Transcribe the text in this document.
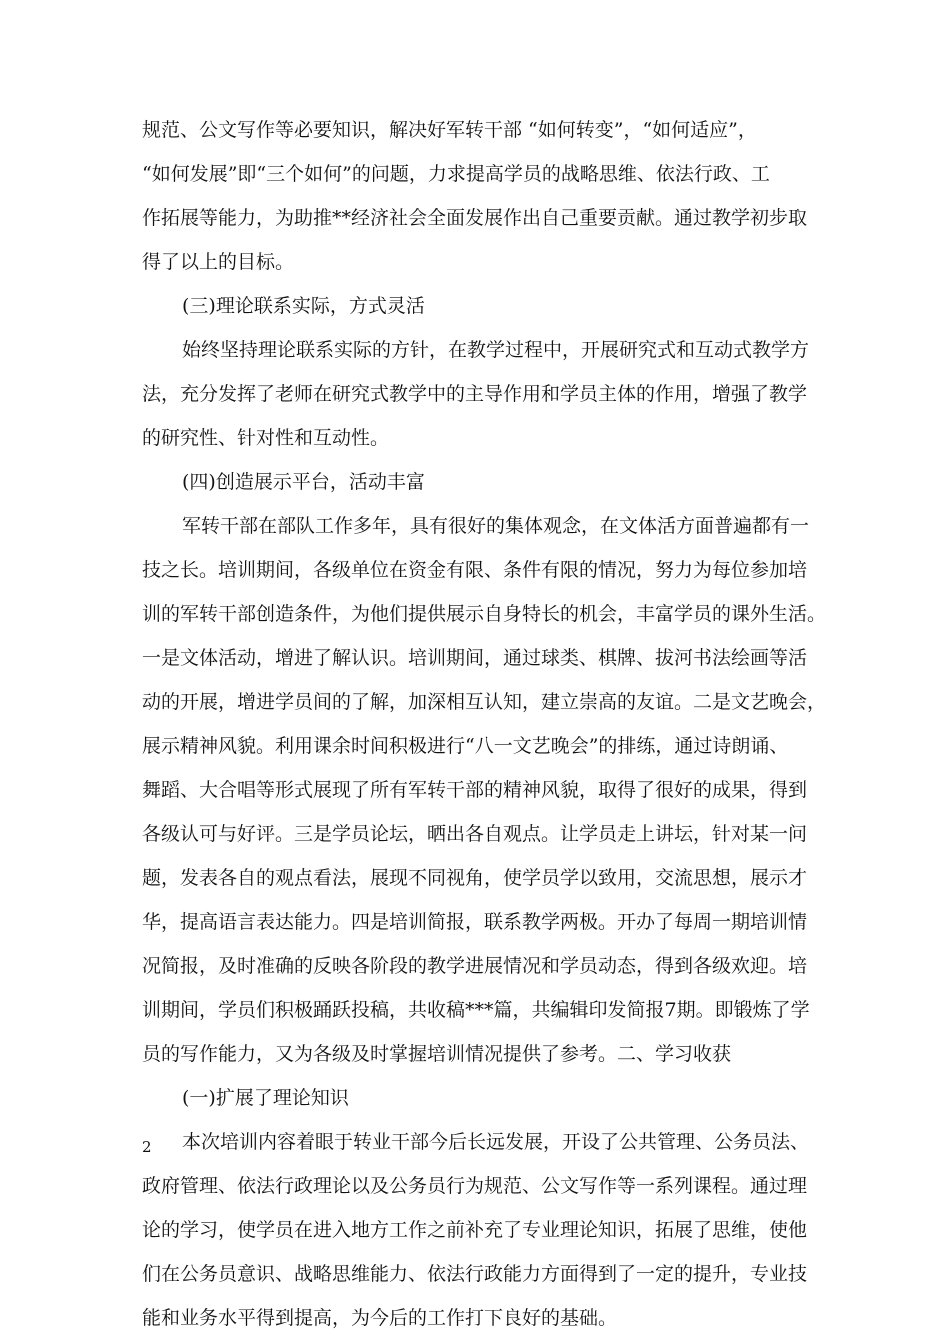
规范、公文写作等必要知识，解决好军转干部 “如何转变”，“如何适应”，
“如何发展”即“三个如何”的问题，力求提高学员的战略思维、依法行政、工
作拓展等能力，为助推**经济社会全面发展作出自己重要贡献。通过教学初步取
得了以上的目标。
(三)理论联系实际，方式灵活
始终坚持理论联系实际的方针，在教学过程中，开展研究式和互动式教学方
法，充分发挥了老师在研究式教学中的主导作用和学员主体的作用，增强了教学
的研究性、针对性和互动性。
(四)创造展示平台，活动丰富
军转干部在部队工作多年，具有很好的集体观念，在文体活方面普遍都有一
技之长。培训期间，各级单位在资金有限、条件有限的情况，努力为每位参加培
训的军转干部创造条件，为他们提供展示自身特长的机会，丰富学员的课外生活。
一是文体活动，增进了解认识。培训期间，通过球类、棋牌、拔河书法绘画等活
动的开展，增进学员间的了解，加深相互认知，建立崇高的友谊。二是文艺晚会，
展示精神风貌。利用课余时间积极进行“八一文艺晚会”的排练，通过诗朗诵、
舞蹈、大合唱等形式展现了所有军转干部的精神风貌，取得了很好的成果，得到
各级认可与好评。三是学员论坛，晒出各自观点。让学员走上讲坛，针对某一问
题，发表各自的观点看法，展现不同视角，使学员学以致用，交流思想，展示才
华，提高语言表达能力。四是培训简报，联系教学两极。开办了每周一期培训情
况简报，及时准确的反映各阶段的教学进展情况和学员动态，得到各级欢迎。培
训期间，学员们积极踊跃投稿，共收稿***篇，共编辑印发简报7期。即锻炼了学
员的写作能力，又为各级及时掌握培训情况提供了参考。二、学习收获
(一)扩展了理论知识
本次培训内容着眼于转业干部今后长远发展，开设了公共管理、公务员法、
政府管理、依法行政理论以及公务员行为规范、公文写作等一系列课程。通过理
论的学习，使学员在进入地方工作之前补充了专业理论知识，拓展了思维，使他
们在公务员意识、战略思维能力、依法行政能力方面得到了一定的提升，专业技
能和业务水平得到提高，为今后的工作打下良好的基础。
2
